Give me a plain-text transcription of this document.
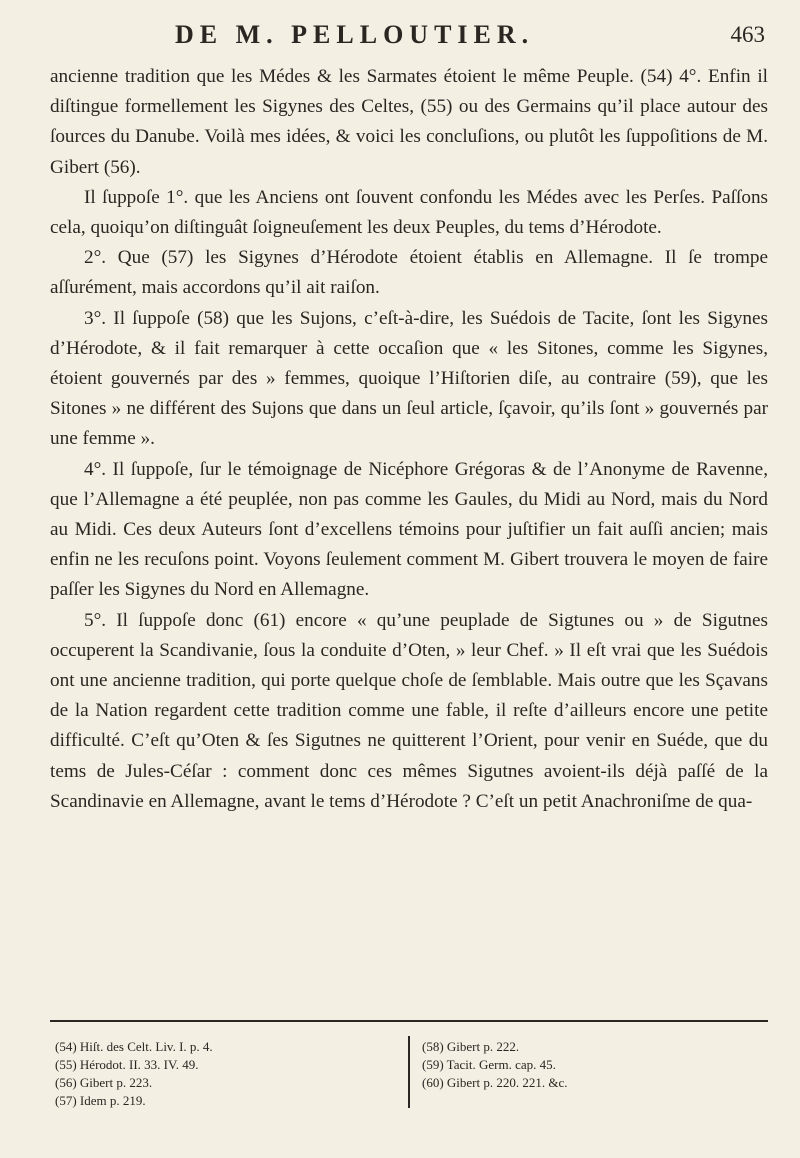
DE M. PELLOUTIER.	463

ancienne tradition que les Médes & les Sarmates étoient le même Peuple. (54) 4°. Enfin il diſtingue formellement les Sigynes des Celtes, (55) ou des Germains qu’il place autour des ſources du Danube. Voilà mes idées, & voici les concluſions, ou plutôt les ſuppoſitions de M. Gibert (56).

Il ſuppoſe 1°. que les Anciens ont ſouvent confondu les Médes avec les Perſes. Paſſons cela, quoiqu’on diſtinguât ſoigneuſement les deux Peuples, du tems d’Hérodote.

2°. Que (57) les Sigynes d’Hérodote étoient établis en Allemagne. Il ſe trompe aſſurément, mais accordons qu’il ait raiſon.

3°. Il ſuppoſe (58) que les Sujons, c’eſt-à-dire, les Suédois de Tacite, ſont les Sigynes d’Hérodote, & il fait remarquer à cette occaſion que « les Sitones, comme les Sigynes, étoient gouvernés par des » femmes, quoique l’Hiſtorien diſe, au contraire (59), que les Sitones » ne différent des Sujons que dans un ſeul article, ſçavoir, qu’ils ſont » gouvernés par une femme ».

4°. Il ſuppoſe, ſur le témoignage de Nicéphore Grégoras & de l’Anonyme de Ravenne, que l’Allemagne a été peuplée, non pas comme les Gaules, du Midi au Nord, mais du Nord au Midi. Ces deux Auteurs ſont d’excellens témoins pour juſtifier un fait auſſi ancien; mais enfin ne les recuſons point. Voyons ſeulement comment M. Gibert trouvera le moyen de faire paſſer les Sigynes du Nord en Allemagne.

5°. Il ſuppoſe donc (61) encore « qu’une peuplade de Sigtunes ou » de Sigutnes occuperent la Scandivanie, ſous la conduite d’Oten, » leur Chef. » Il eſt vrai que les Suédois ont une ancienne tradition, qui porte quelque choſe de ſemblable. Mais outre que les Sçavans de la Nation regardent cette tradition comme une fable, il reſte d’ailleurs encore une petite difficulté. C’eſt qu’Oten & ſes Sigutnes ne quitterent l’Orient, pour venir en Suéde, que du tems de Jules-Céſar : comment donc ces mêmes Sigutnes avoient-ils déjà paſſé de la Scandinavie en Allemagne, avant le tems d’Hérodote ? C’eſt un petit Anachroniſme de qua-

(54) Hiſt. des Celt. Liv. I. p. 4.
(55) Hérodot. II. 33. IV. 49.
(56) Gibert p. 223.
(57) Idem p. 219.
(58) Gibert p. 222.
(59) Tacit. Germ. cap. 45.
(60) Gibert p. 220. 221. &c.
